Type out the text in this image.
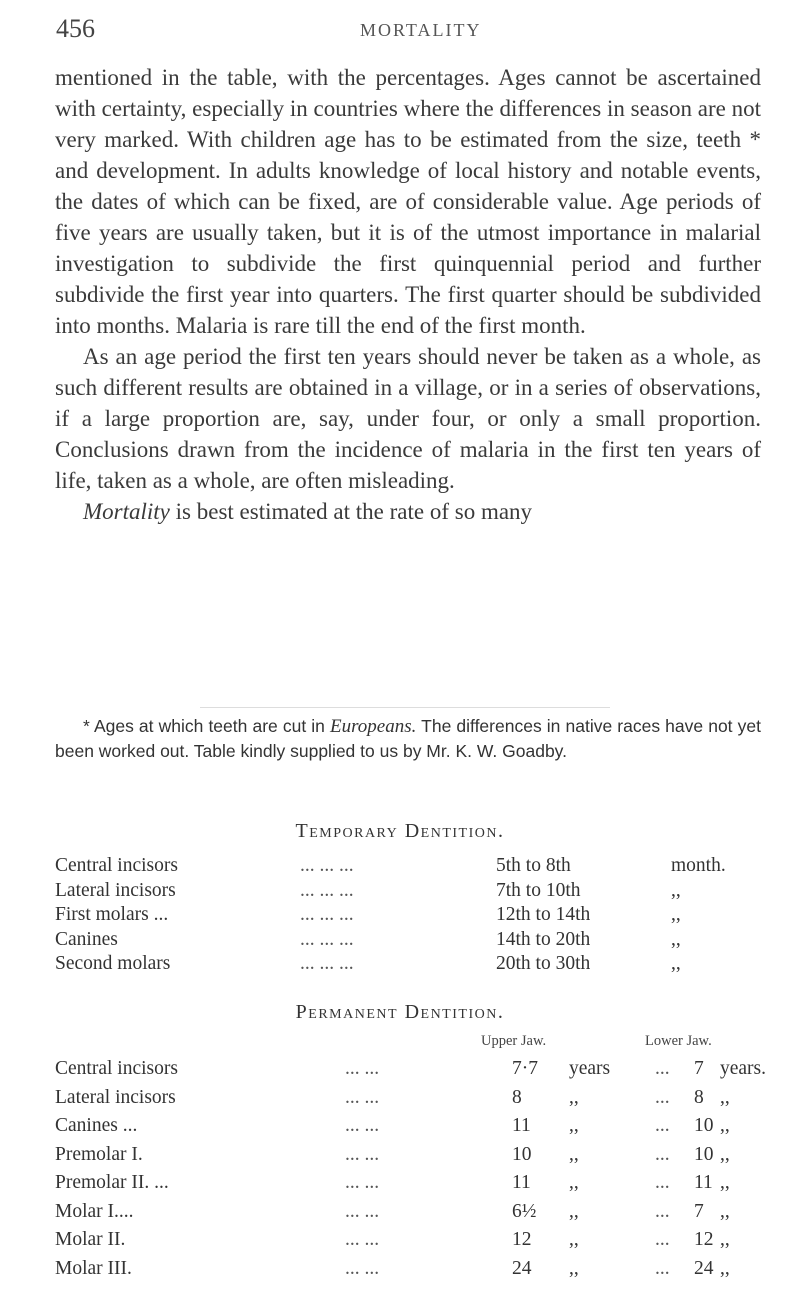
456	MORTALITY

mentioned in the table, with the percentages. Ages cannot be ascertained with certainty, especially in countries where the differences in season are not very marked. With children age has to be estimated from the size, teeth * and development. In adults knowledge of local history and notable events, the dates of which can be fixed, are of considerable value. Age periods of five years are usually taken, but it is of the utmost importance in malarial investigation to subdivide the first quinquennial period and further subdivide the first year into quarters. The first quarter should be subdivided into months. Malaria is rare till the end of the first month.

As an age period the first ten years should never be taken as a whole, as such different results are obtained in a village, or in a series of observations, if a large proportion are, say, under four, or only a small proportion. Conclusions drawn from the incidence of malaria in the first ten years of life, taken as a whole, are often misleading.

Mortality is best estimated at the rate of so many

* Ages at which teeth are cut in Europeans. The differences in native races have not yet been worked out. Table kindly supplied to us by Mr. K. W. Goadby.

Temporary Dentition.
Central incisors	... ... ...	5th to 8th	month.
Lateral incisors	... ... ...	7th to 10th	,,
First molars ...	... ... ...	12th to 14th	,,
Canines	... ... ...	14th to 20th	,,
Second molars	... ... ...	20th to 30th	,,
Permanent Dentition.
Upper Jaw.	Lower Jaw.
Central incisors	... ...	7·7 years ... 7 years.
Lateral incisors	... ...	8 ,,	... 8 ,,
Canines ...	... ...	11 ,,	... 10 ,,
Premolar I.	... ...	10 ,,	... 10 ,,
Premolar II. ...	... ...	11 ,,	... 11 ,,
Molar I....	... ...	6½ ,,	... 7 ,,
Molar II.	... ...	12 ,,	... 12 ,,
Molar III.	... ...	24 ,,	... 24 ,,
